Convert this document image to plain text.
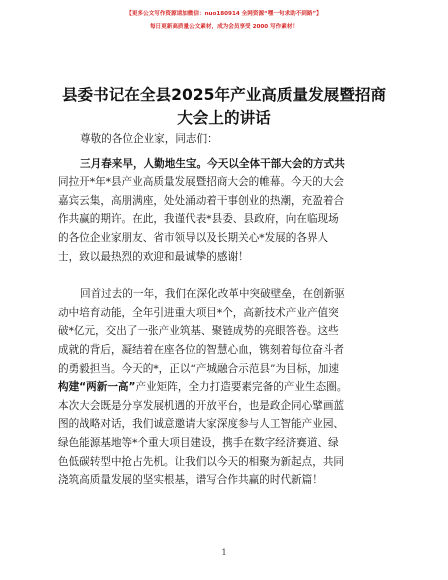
【更多公文写作资源请加微信：nuo180914 全网资源“嘿一句求助不到路”】
每日更新高质量公文素材，成为会员享受 2000 写作素材！
县委书记在全县2025年产业高质量发展暨招商
大会上的讲话
尊敬的各位企业家，同志们：
三月春来早，人勤地生宝。今天以全体干部大会的方式共
同拉开*年*县产业高质量发展暨招商大会的帷幕。今天的大会
嘉宾云集，高朋满座，处处涌动着干事创业的热潮，充盈着合
作共赢的期许。在此，我谨代表*县委、县政府，向在临现场
的各位企业家朋友、省市领导以及长期关心*发展的各界人
士，致以最热烈的欢迎和最诚挚的感谢！
回首过去的一年，我们在深化改革中突破壁垒，在创新驱
动中培育动能，全年引进重大项目*个，高新技术产业产值突
破*亿元，交出了一张产业筑基、聚链成势的亮眼答卷。这些
成就的背后，凝结着在座各位的智慧心血，镌刻着每位奋斗者
的勇毅担当。今天的*，正以“产城融合示范县”为目标，加速
构建“两新一高”产业矩阵，全力打造要素完备的产业生态圈。
本次大会既是分享发展机遇的开放平台，也是政企同心擘画蓝
图的战略对话，我们诚意邀请大家深度参与人工智能产业园、
绿色能源基地等*个重大项目建设，携手在数字经济赛道、绿
色低碳转型中抢占先机。让我们以今天的相聚为新起点，共同
浇筑高质量发展的坚实根基，谱写合作共赢的时代新篇！
1
